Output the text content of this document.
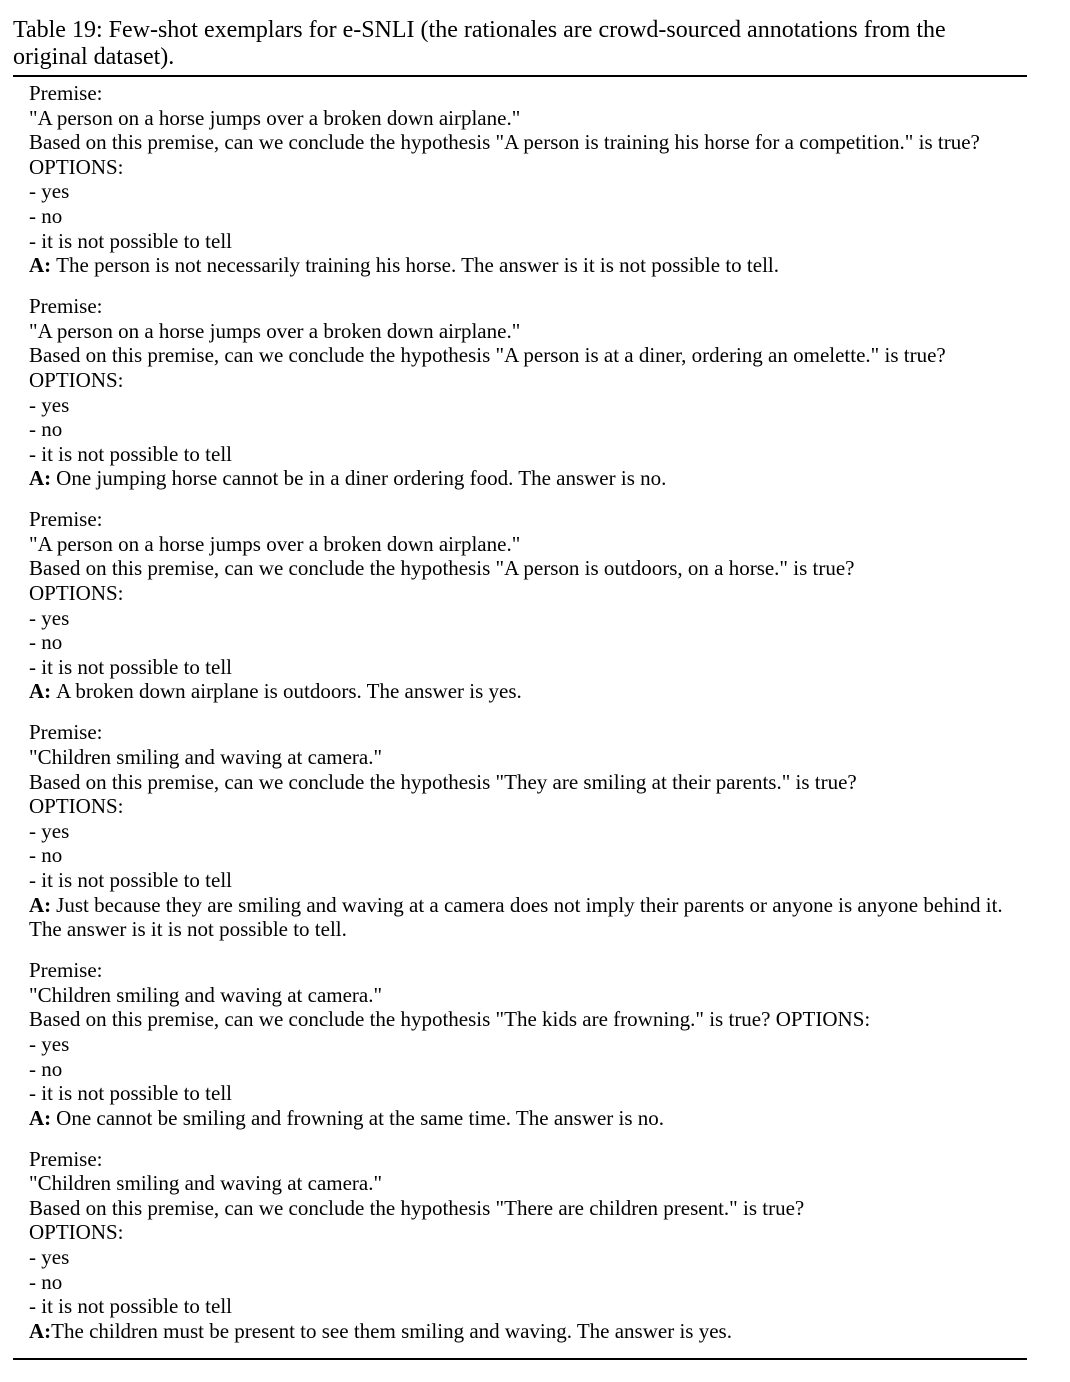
Table 19: Few-shot exemplars for e-SNLI (the rationales are crowd-sourced annotations from the original dataset).
Premise:
"A person on a horse jumps over a broken down airplane."
Based on this premise, can we conclude the hypothesis "A person is training his horse for a competition." is true?
OPTIONS:
- yes
- no
- it is not possible to tell
A: The person is not necessarily training his horse. The answer is it is not possible to tell.
Premise:
"A person on a horse jumps over a broken down airplane."
Based on this premise, can we conclude the hypothesis "A person is at a diner, ordering an omelette." is true?
OPTIONS:
- yes
- no
- it is not possible to tell
A: One jumping horse cannot be in a diner ordering food. The answer is no.
Premise:
"A person on a horse jumps over a broken down airplane."
Based on this premise, can we conclude the hypothesis "A person is outdoors, on a horse." is true?
OPTIONS:
- yes
- no
- it is not possible to tell
A: A broken down airplane is outdoors. The answer is yes.
Premise:
"Children smiling and waving at camera."
Based on this premise, can we conclude the hypothesis "They are smiling at their parents." is true?
OPTIONS:
- yes
- no
- it is not possible to tell
A: Just because they are smiling and waving at a camera does not imply their parents or anyone is anyone behind it. The answer is it is not possible to tell.
Premise:
"Children smiling and waving at camera."
Based on this premise, can we conclude the hypothesis "The kids are frowning." is true? OPTIONS:
- yes
- no
- it is not possible to tell
A: One cannot be smiling and frowning at the same time. The answer is no.
Premise:
"Children smiling and waving at camera."
Based on this premise, can we conclude the hypothesis "There are children present." is true?
OPTIONS:
- yes
- no
- it is not possible to tell
A:The children must be present to see them smiling and waving. The answer is yes.
